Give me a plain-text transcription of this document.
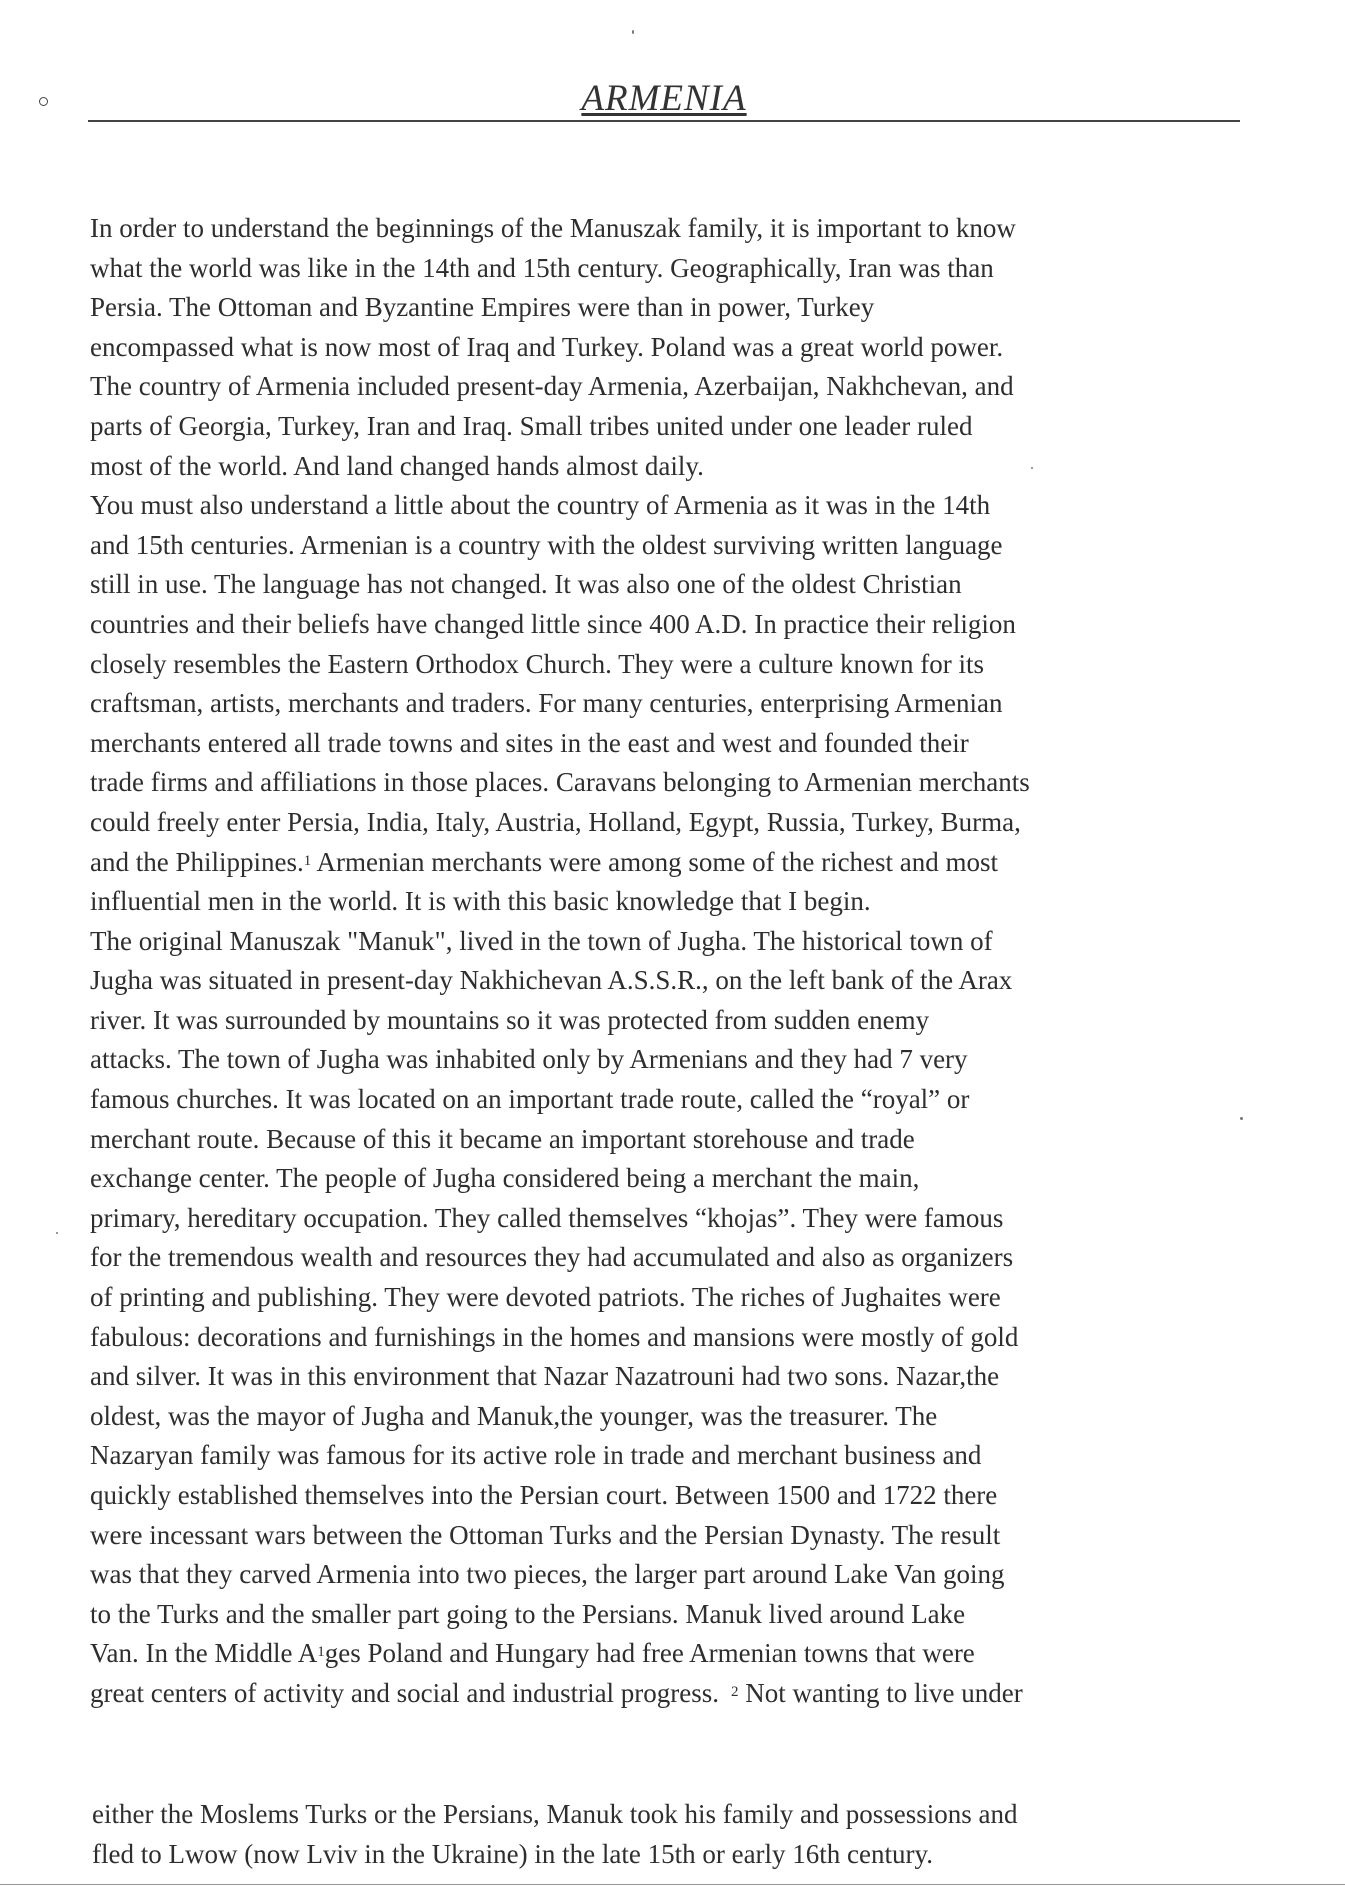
ARMENIA
In order to understand the beginnings of the Manuszak family, it is important to know
what the world was like in the 14th and 15th century. Geographically, Iran was than
Persia. The Ottoman and Byzantine Empires were than in power, Turkey
encompassed what is now most of Iraq and Turkey. Poland was a great world power.
The country of Armenia included present-day Armenia, Azerbaijan, Nakhchevan, and
parts of Georgia, Turkey, Iran and Iraq. Small tribes united under one leader ruled
most of the world. And land changed hands almost daily.
You must also understand a little about the country of Armenia as it was in the 14th
and 15th centuries. Armenian is a country with the oldest surviving written language
still in use. The language has not changed. It was also one of the oldest Christian
countries and their beliefs have changed little since 400 A.D. In practice their religion
closely resembles the Eastern Orthodox Church. They were a culture known for its
craftsman, artists, merchants and traders. For many centuries, enterprising Armenian
merchants entered all trade towns and sites in the east and west and founded their
trade firms and affiliations in those places. Caravans belonging to Armenian merchants
could freely enter Persia, India, Italy, Austria, Holland, Egypt, Russia, Turkey, Burma,
and the Philippines.$^1$ Armenian merchants were among some of the richest and most
influential men in the world. It is with this basic knowledge that I begin.
The original Manuszak "Manuk", lived in the town of Jugha. The historical town of
Jugha was situated in present-day Nakhichevan A.S.S.R., on the left bank of the Arax
river. It was surrounded by mountains so it was protected from sudden enemy
attacks. The town of Jugha was inhabited only by Armenians and they had 7 very
famous churches. It was located on an important trade route, called the “royal” or
merchant route. Because of this it became an important storehouse and trade
exchange center. The people of Jugha considered being a merchant the main,
primary, hereditary occupation. They called themselves “khojas”. They were famous
for the tremendous wealth and resources they had accumulated and also as organizers
of printing and publishing. They were devoted patriots. The riches of Jughaites were
fabulous: decorations and furnishings in the homes and mansions were mostly of gold
and silver. It was in this environment that Nazar Nazatrouni had two sons. Nazar,the
oldest, was the mayor of Jugha and Manuk,the younger, was the treasurer. The
Nazaryan family was famous for its active role in trade and merchant business and
quickly established themselves into the Persian court. Between 1500 and 1722 there
were incessant wars between the Ottoman Turks and the Persian Dynasty. The result
was that they carved Armenia into two pieces, the larger part around Lake Van going
to the Turks and the smaller part going to the Persians. Manuk lived around Lake
Van. In the Middle $A^1ges$ Poland and Hungary had free Armenian towns that were
great centers of activity and social and industrial progress. $^2$ Not wanting to live under
either the Moslems Turks or the Persians, Manuk took his family and possessions and
fled to Lwow (now Lviv in the Ukraine) in the late 15th or early 16th century.
